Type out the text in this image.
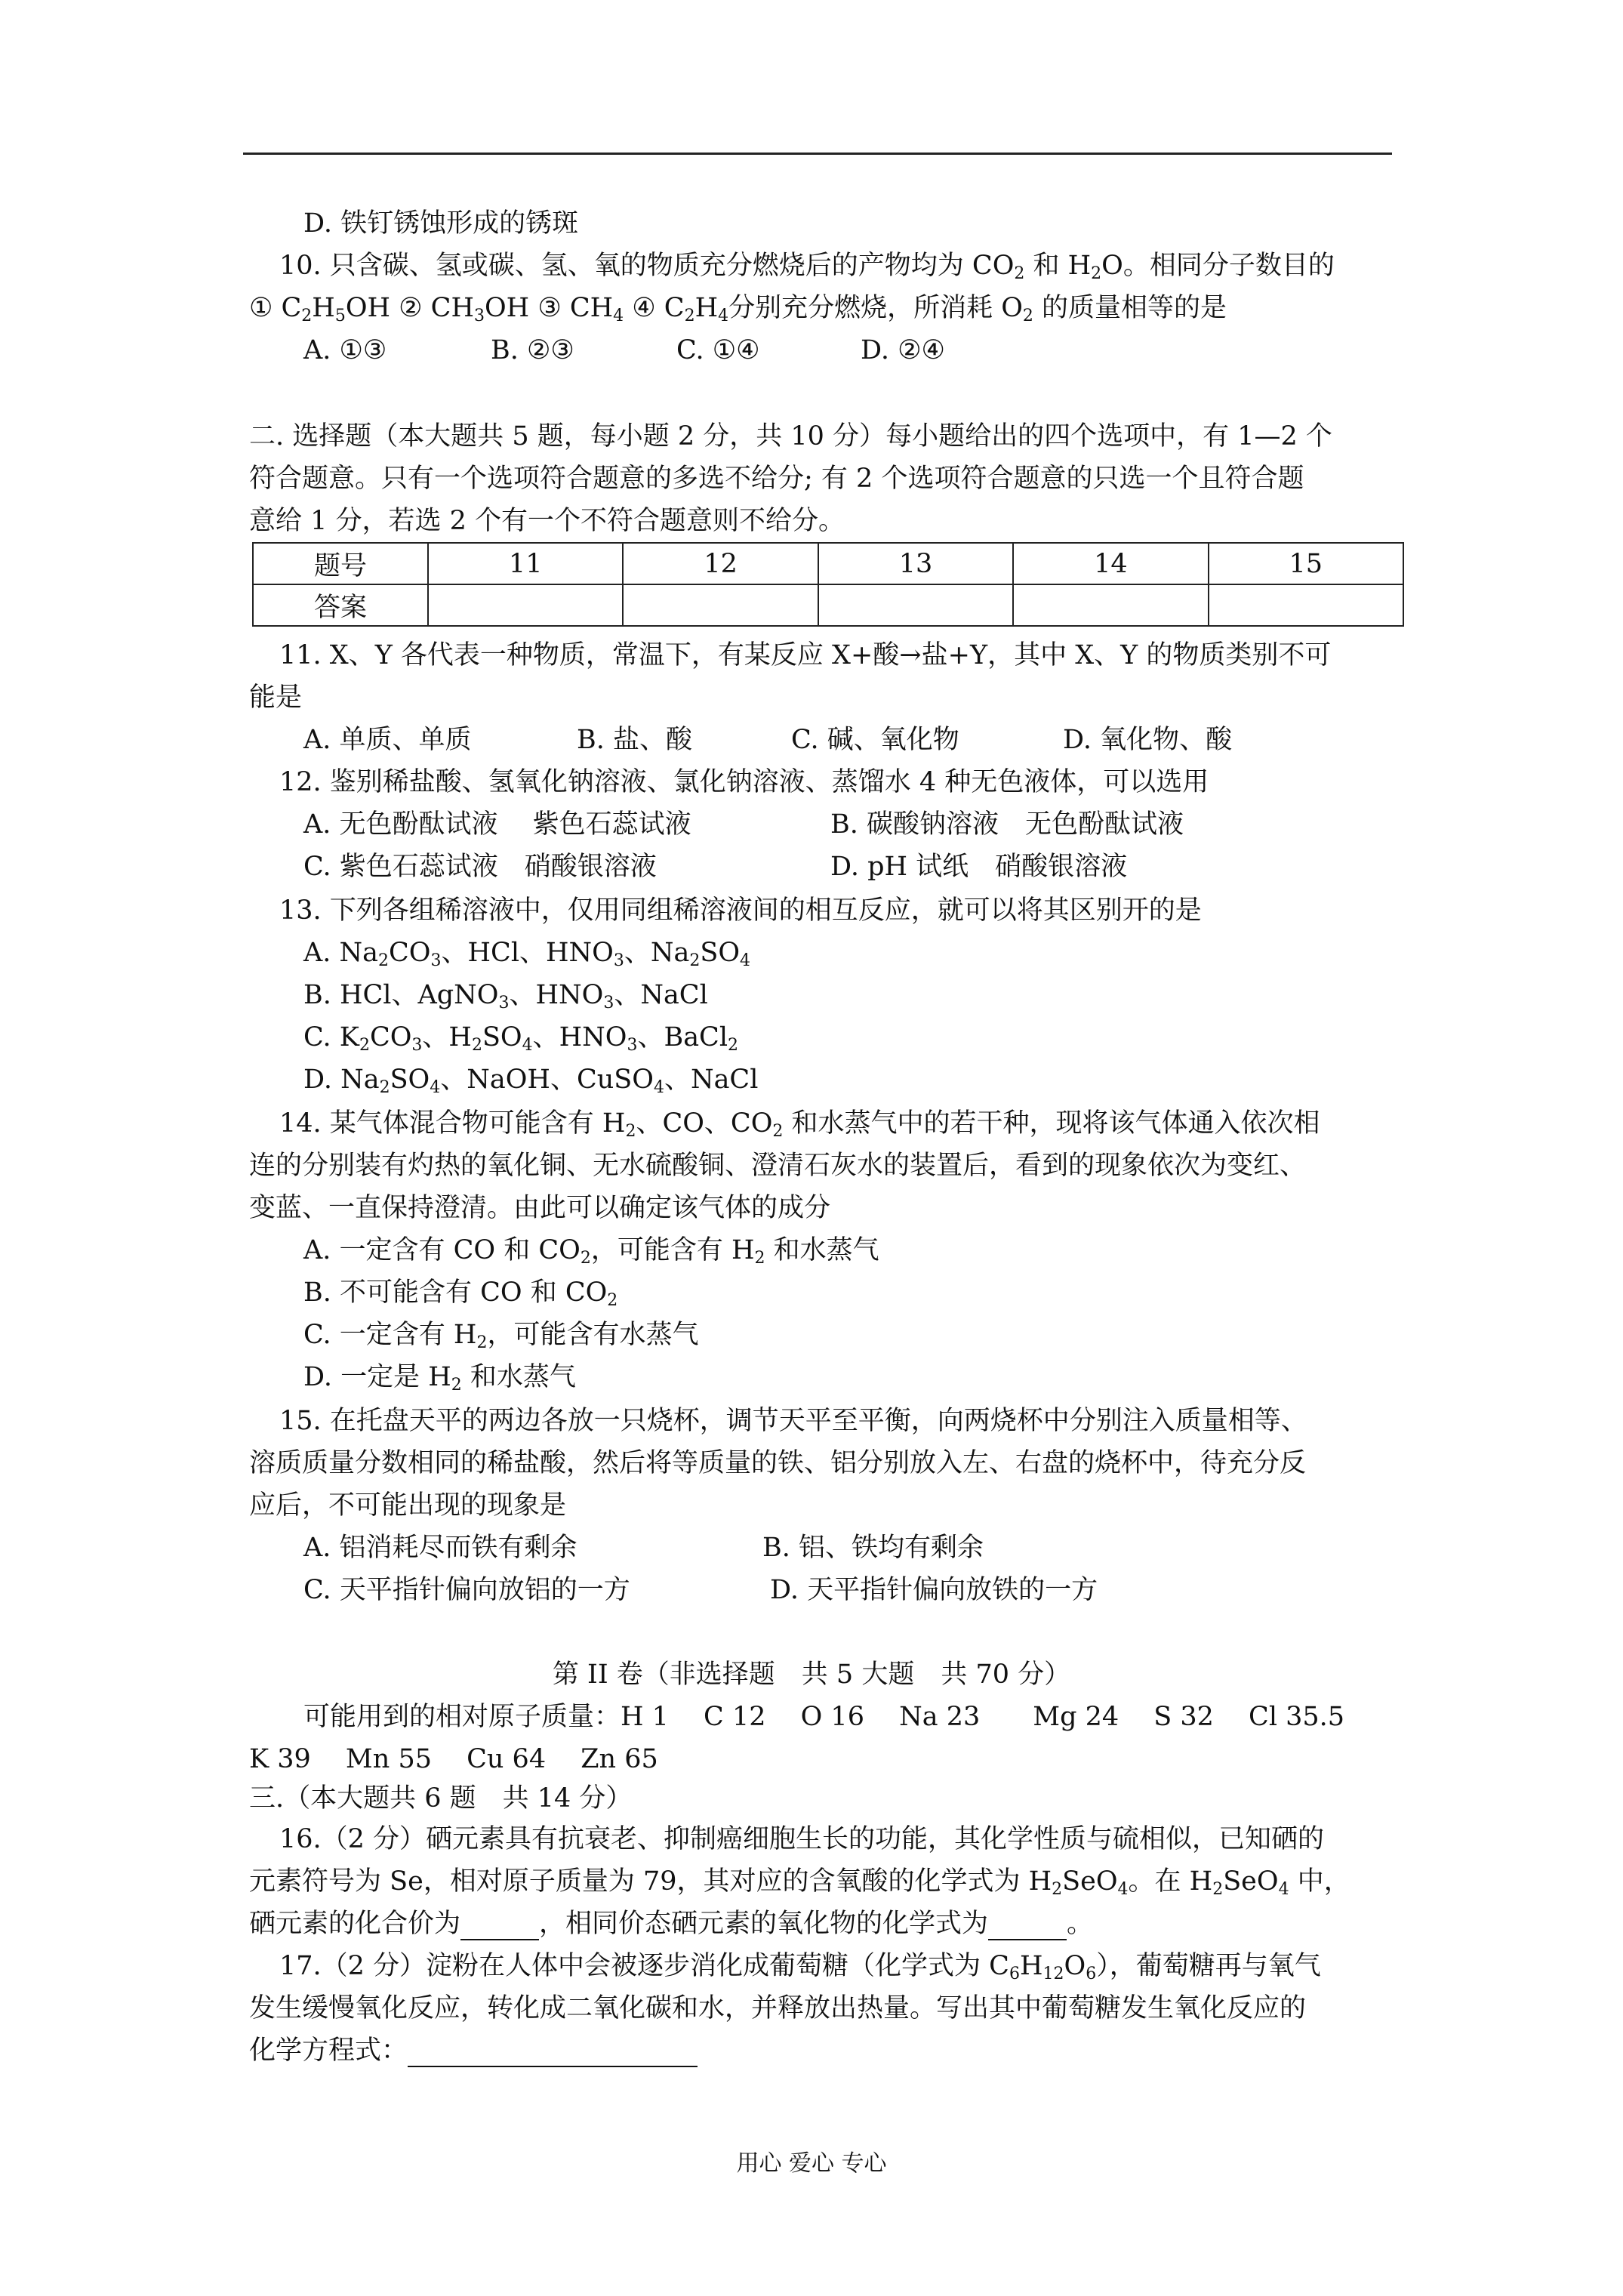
D. 铁钉锈蚀形成的锈斑
10. 只含碳、氢或碳、氢、氧的物质充分燃烧后的产物均为 $CO_2$ 和 $H_2O$。相同分子数目的
① $C_2H_5OH$ ② $CH_3OH$ ③ $CH_4$ ④ $C_2H_4$分别充分燃烧，所消耗 $O_2$ 的质量相等的是
A. ①③	B. ②③	C. ①④	D. ②④
二. 选择题（本大题共 5 题，每小题 2 分，共 10 分）每小题给出的四个选项中，有 1—2 个
符合题意。只有一个选项符合题意的多选不给分; 有 2 个选项符合题意的只选一个且符合题
意给 1 分，若选 2 个有一个不符合题意则不给分。
题号	11	12	13	14	15
答案					
11. X、Y 各代表一种物质，常温下，有某反应 X+酸→盐+Y，其中 X、Y 的物质类别不可
能是
A. 单质、单质	B. 盐、酸	C. 碱、氧化物	D. 氧化物、酸
12. 鉴别稀盐酸、氢氧化钠溶液、氯化钠溶液、蒸馏水 4 种无色液体，可以选用
A. 无色酚酞试液　 紫色石蕊试液	B. 碳酸钠溶液　无色酚酞试液
C. 紫色石蕊试液　硝酸银溶液	D. pH 试纸　硝酸银溶液
13. 下列各组稀溶液中，仅用同组稀溶液间的相互反应，就可以将其区别开的是
A. $Na_2CO_3$、HCl、$HNO_3$、$Na_2SO_4$
B. HCl、AgNO$_3$、$HNO_3$、NaCl
C. $K_2CO_3$、$H_2SO_4$、$HNO_3$、BaCl$_2$
D. $Na_2SO_4$、NaOH、CuSO$_4$、NaCl
14. 某气体混合物可能含有 $H_2$、CO、$CO_2$ 和水蒸气中的若干种，现将该气体通入依次相
连的分别装有灼热的氧化铜、无水硫酸铜、澄清石灰水的装置后，看到的现象依次为变红、
变蓝、一直保持澄清。由此可以确定该气体的成分
A. 一定含有 CO 和 $CO_2$，可能含有 $H_2$ 和水蒸气
B. 不可能含有 CO 和 $CO_2$
C. 一定含有 $H_2$，可能含有水蒸气
D. 一定是 $H_2$ 和水蒸气
15. 在托盘天平的两边各放一只烧杯，调节天平至平衡，向两烧杯中分别注入质量相等、
溶质质量分数相同的稀盐酸，然后将等质量的铁、铝分别放入左、右盘的烧杯中，待充分反
应后，不可能出现的现象是
A. 铝消耗尽而铁有剩余	B. 铝、铁均有剩余
C. 天平指针偏向放铝的一方	D. 天平指针偏向放铁的一方
第 II 卷（非选择题　共 5 大题　共 70 分）
可能用到的相对原子质量：H 1　 C 12　 O 16　 Na 23　　Mg 24　 S 32　 Cl 35.5
K 39　 Mn 55　 Cu 64　 Zn 65
三.（本大题共 6 题　共 14 分）
16.（2 分）硒元素具有抗衰老、抑制癌细胞生长的功能，其化学性质与硫相似，已知硒的
元素符号为 Se，相对原子质量为 79，其对应的含氧酸的化学式为 $H_2SeO_4$。在 $H_2SeO_4$ 中，
硒元素的化合价为	，相同价态硒元素的氧化物的化学式为	。
17.（2 分）淀粉在人体中会被逐步消化成葡萄糖（化学式为 $C_6H_{12}O_6$），葡萄糖再与氧气
发生缓慢氧化反应，转化成二氧化碳和水，并释放出热量。写出其中葡萄糖发生氧化反应的
化学方程式：
用心 爱心 专心
